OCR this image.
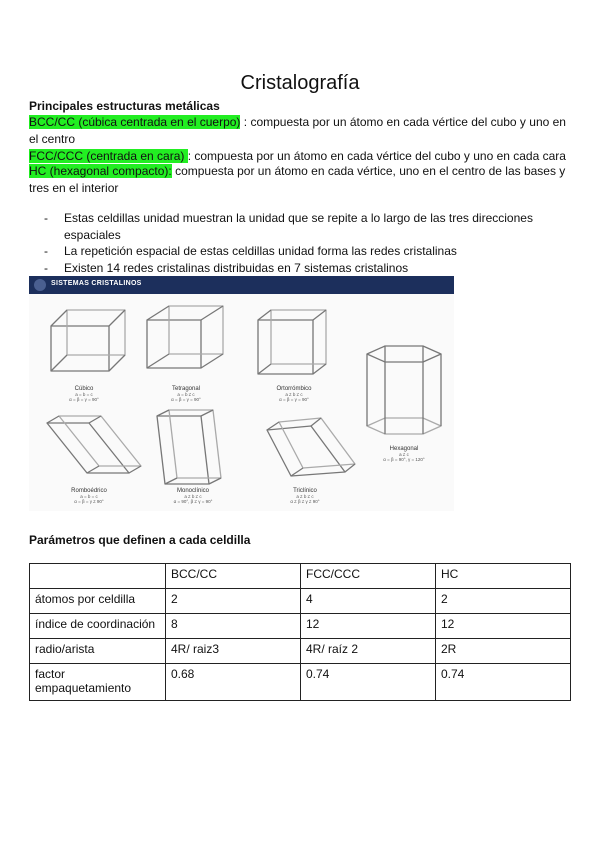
Cristalografía
Principales estructuras metálicas
BCC/CC (cúbica centrada en el cuerpo) : compuesta por un átomo en cada vértice del cubo y uno en el centro
FCC/CCC (centrada en cara) : compuesta por un átomo en cada vértice del cubo y uno en cada cara
HC (hexagonal compacto): compuesta por un átomo en cada vértice, uno en el centro de las bases y tres en el interior
- Estas celdillas unidad muestran la unidad que se repite a lo largo de las tres direcciones espaciales
- La repetición espacial de estas celdillas unidad forma las redes cristalinas
- Existen 14 redes cristalinas distribuidas en 7 sistemas cristalinos
SISTEMAS CRISTALINOS
Cúbico
a = b = c
α = β = γ = 90°
Tetragonal
a = b ≠ c
α = β = γ = 90°
Ortorrómbico
a ≠ b ≠ c
α = β = γ = 90°
Hexagonal
a ≠ c
α = β = 90°, γ = 120°
Romboédrico
a = b = c
α = β = γ ≠ 90°
Monoclínico
a ≠ b ≠ c
α = 90°, β ≠ γ = 90°
Triclínico
a ≠ b ≠ c
α ≠ β ≠ γ ≠ 90°
Parámetros que definen a cada celdilla
	BCC/CC	FCC/CCC	HC
átomos por celdilla	2	4	2
índice de coordinación	8	12	12
radio/arista	4R/ raiz3	4R/ raíz 2	2R
factor empaquetamiento	0.68	0.74	0.74
